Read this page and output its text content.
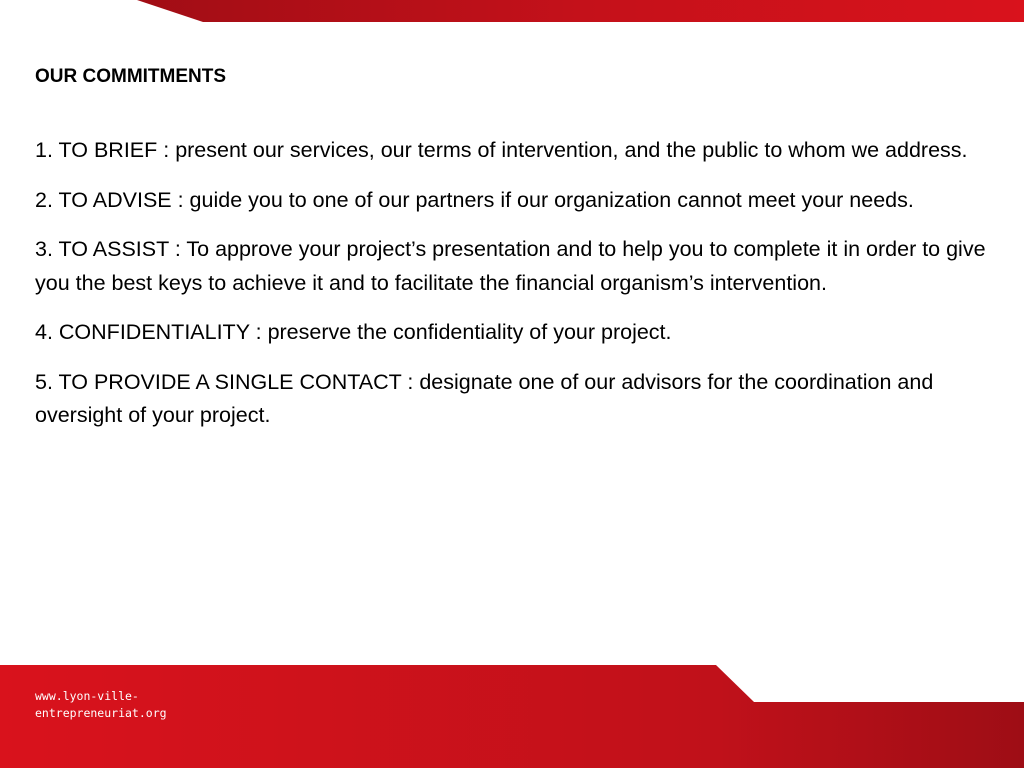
OUR COMMITMENTS

1. TO BRIEF : present our services, our terms of intervention, and the public to whom we address.

2. TO ADVISE : guide you to one of our partners if our organization cannot meet your needs.

3. TO ASSIST : To approve your project’s presentation and to help you to complete it in order to give you the best keys to achieve it and to facilitate the financial organism’s intervention.

4. CONFIDENTIALITY : preserve the confidentiality of your project.

5. TO PROVIDE A SINGLE CONTACT : designate one of our advisors for the coordination and oversight of your project.

www.lyon-ville-
entrepreneuriat.org
